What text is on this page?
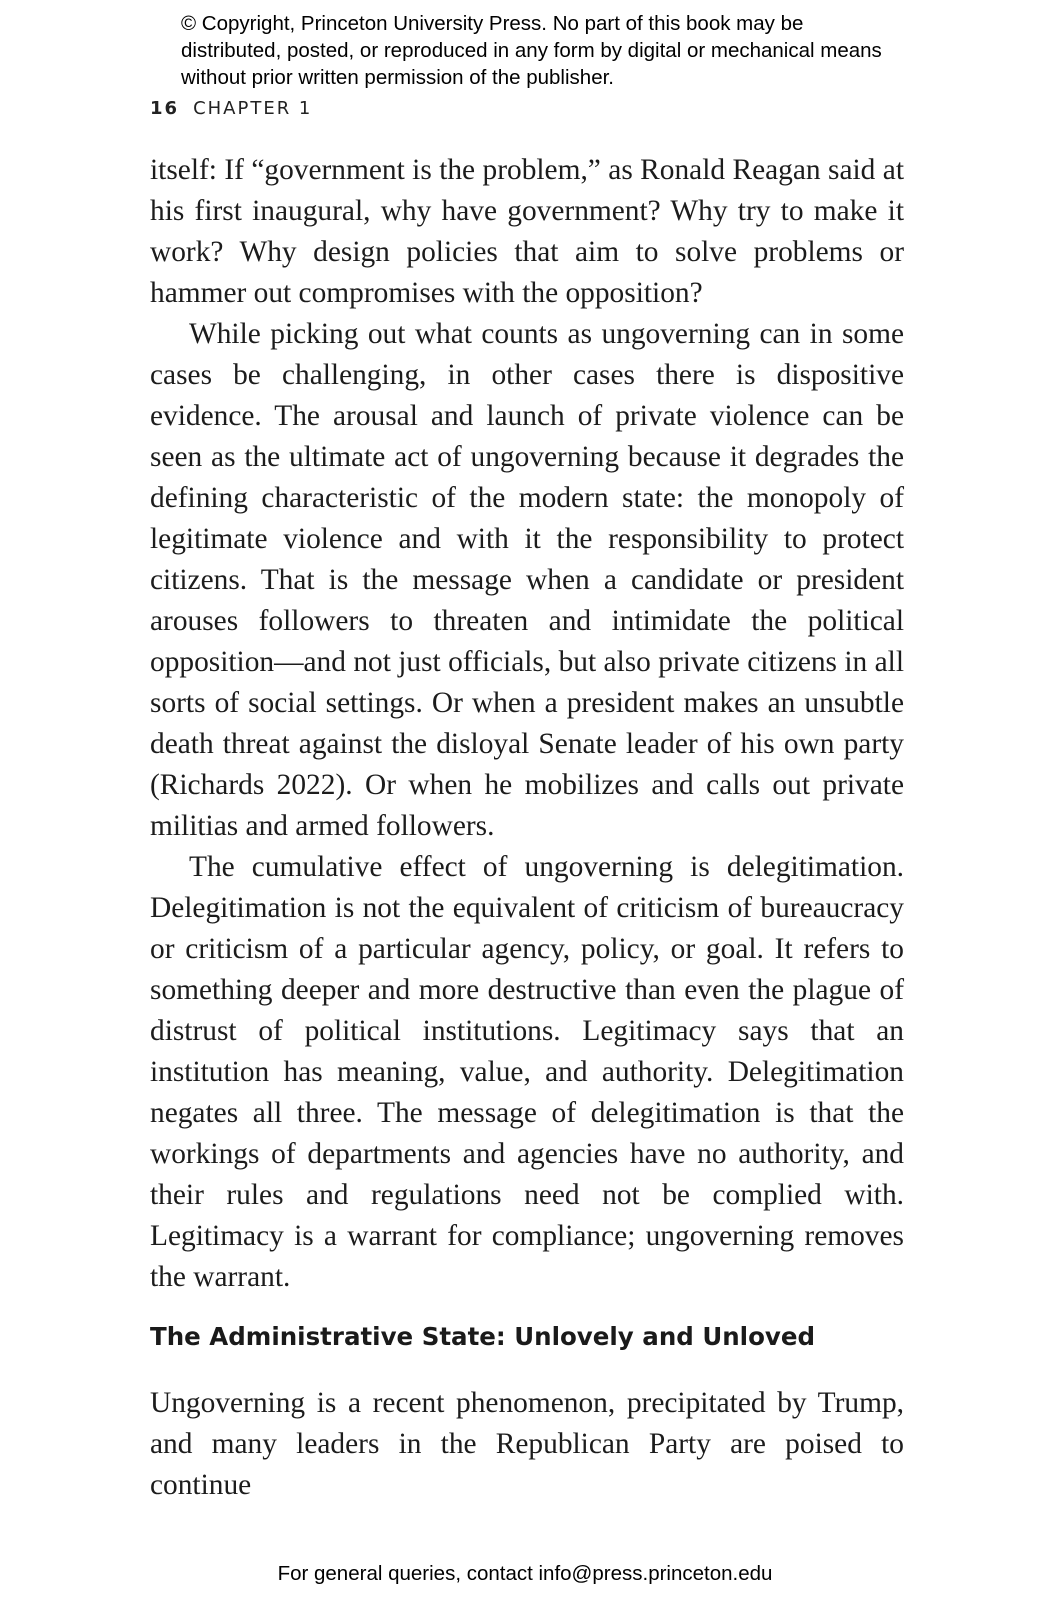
© Copyright, Princeton University Press. No part of this book may be distributed, posted, or reproduced in any form by digital or mechanical means without prior written permission of the publisher.
16 CHAPTER 1

itself: If “government is the problem,” as Ronald Reagan said at his first inaugural, why have government? Why try to make it work? Why design policies that aim to solve problems or hammer out compromises with the opposition?

While picking out what counts as ungoverning can in some cases be challenging, in other cases there is dispositive evidence. The arousal and launch of private violence can be seen as the ultimate act of ungoverning because it degrades the defining characteristic of the modern state: the monopoly of legitimate violence and with it the responsibility to protect citizens. That is the message when a candidate or president arouses followers to threaten and intimidate the political opposition—and not just officials, but also private citizens in all sorts of social settings. Or when a president makes an unsubtle death threat against the disloyal Senate leader of his own party (Richards 2022). Or when he mobilizes and calls out private militias and armed followers.

The cumulative effect of ungoverning is delegitimation. Delegitimation is not the equivalent of criticism of bureaucracy or criticism of a particular agency, policy, or goal. It refers to something deeper and more destructive than even the plague of distrust of political institutions. Legitimacy says that an institution has meaning, value, and authority. Delegitimation negates all three. The message of delegitimation is that the workings of departments and agencies have no authority, and their rules and regulations need not be complied with. Legitimacy is a warrant for compliance; ungoverning removes the warrant.

The Administrative State: Unlovely and Unloved

Ungoverning is a recent phenomenon, precipitated by Trump, and many leaders in the Republican Party are poised to continue

For general queries, contact info@press.princeton.edu
